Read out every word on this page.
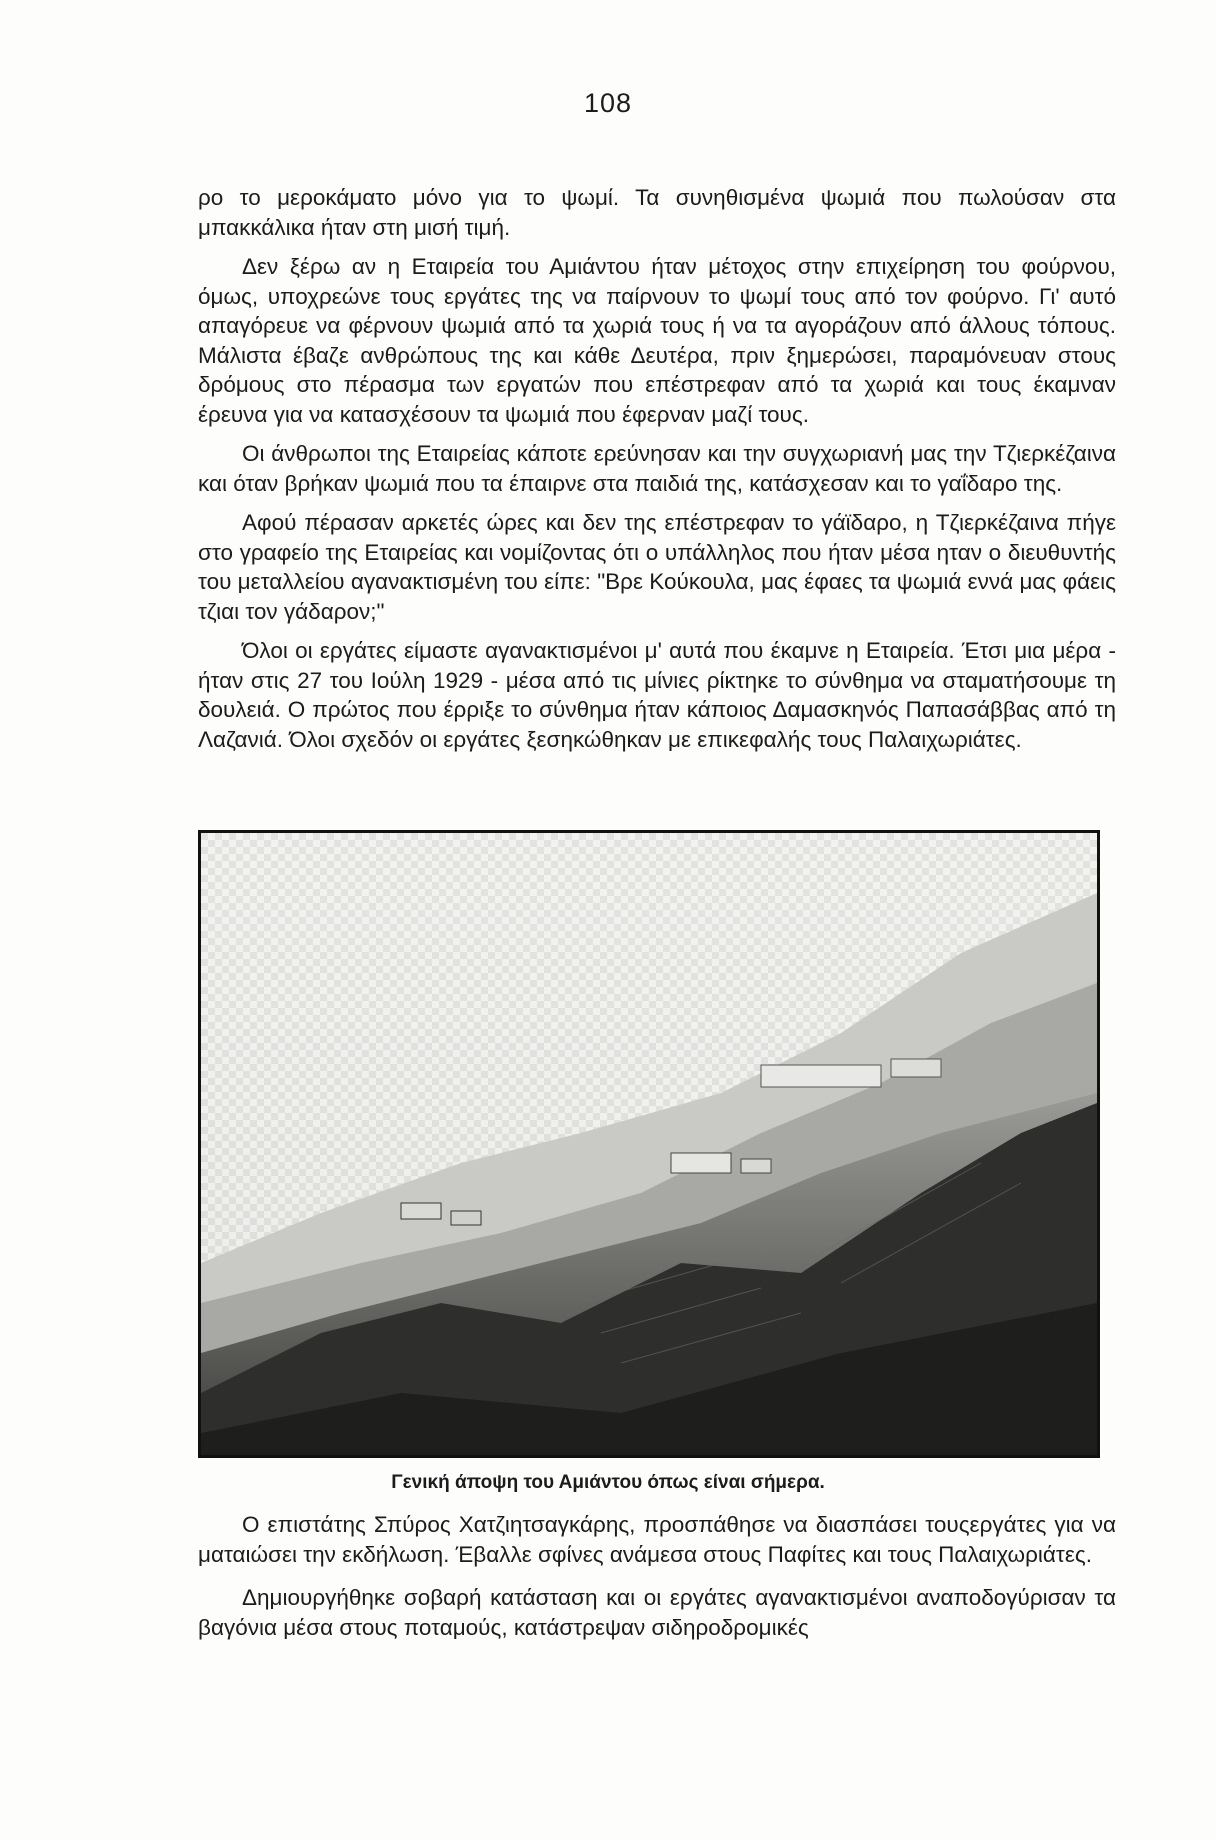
108

ρο το μεροκάματο μόνο για το ψωμί. Τα συνηθισμένα ψωμιά που πωλούσαν στα μπακκάλικα ήταν στη μισή τιμή.

Δεν ξέρω αν η Εταιρεία του Αμιάντου ήταν μέτοχος στην επιχείρηση του φούρνου, όμως, υποχρεώνε τους εργάτες της να παίρνουν το ψωμί τους από τον φούρνο. Γι' αυτό απαγόρευε να φέρνουν ψωμιά από τα χωριά τους ή να τα αγοράζουν από άλλους τόπους. Μάλιστα έβαζε ανθρώπους της και κάθε Δευτέρα, πριν ξημερώσει, παραμόνευαν στους δρόμους στο πέρασμα των εργατών που επέστρεφαν από τα χωριά και τους έκαμναν έρευνα για να κατασχέσουν τα ψωμιά που έφερναν μαζί τους.

Οι άνθρωποι της Εταιρείας κάποτε ερεύνησαν και την συγχωριανή μας την Τζιερκέζαινα και όταν βρήκαν ψωμιά που τα έπαιρνε στα παιδιά της, κατάσχεσαν και το γαΐδαρο της.

Αφού πέρασαν αρκετές ώρες και δεν της επέστρεφαν το γάϊδαρο, η Τζιερκέζαινα πήγε στο γραφείο της Εταιρείας και νομίζοντας ότι ο υπάλληλος που ήταν μέσα ηταν ο διευθυντής του μεταλλείου αγανακτισμένη του είπε: "Βρε Κούκουλα, μας έφαες τα ψωμιά εννά μας φάεις τζιαι τον γάδαρον;"

Όλοι οι εργάτες είμαστε αγανακτισμένοι μ' αυτά που έκαμνε η Εταιρεία. Έτσι μια μέρα - ήταν στις 27 του Ιούλη 1929 - μέσα από τις μίνιες ρίκτηκε το σύνθημα να σταματήσουμε τη δουλειά. Ο πρώτος που έρριξε το σύνθημα ήταν κάποιος Δαμασκηνός Παπασάββας από τη Λαζανιά. Όλοι σχεδόν οι εργάτες ξεσηκώθηκαν με επικεφαλής τους Παλαιχωριάτες.

Γενική άποψη του Αμιάντου όπως είναι σήμερα.

Ο επιστάτης Σπύρος Χατζιητσαγκάρης, προσπάθησε να διασπάσει τουςεργάτες για να ματαιώσει την εκδήλωση. Έβαλλε σφίνες ανάμεσα στους Παφίτες και τους Παλαιχωριάτες.

Δημιουργήθηκε σοβαρή κατάσταση και οι εργάτες αγανακτισμένοι αναποδογύρισαν τα βαγόνια μέσα στους ποταμούς, κατάστρεψαν σιδηροδρομικές
